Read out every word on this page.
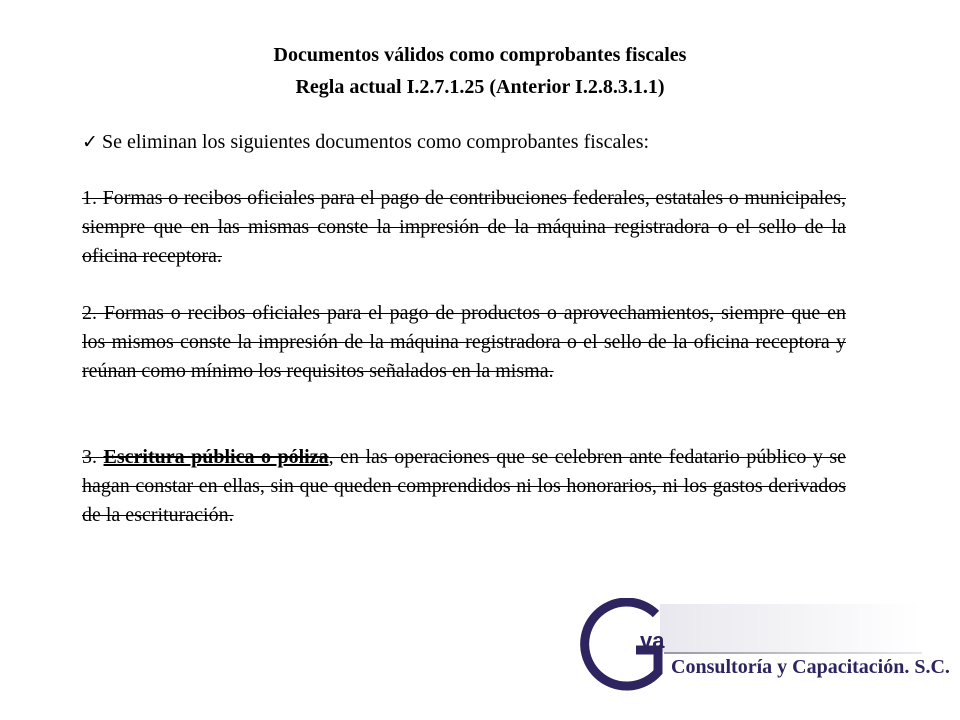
Documentos válidos como comprobantes fiscales
Regla actual I.2.7.1.25 (Anterior I.2.8.3.1.1)
✓ Se eliminan los siguientes documentos como comprobantes fiscales:
1. Formas o recibos oficiales para el pago de contribuciones federales, estatales o municipales, siempre que en las mismas conste la impresión de la máquina registradora o el sello de la oficina receptora.
2. Formas o recibos oficiales para el pago de productos o aprovechamientos, siempre que en los mismos conste la impresión de la máquina registradora o el sello de la oficina receptora y reúnan como mínimo los requisitos señalados en la misma.
3. Escritura pública o póliza, en las operaciones que se celebren ante fedatario público y se hagan constar en ellas, sin que queden comprendidos ni los honorarios, ni los gastos derivados de la escrituración.
va
Consultoría y Capacitación. S.C.
